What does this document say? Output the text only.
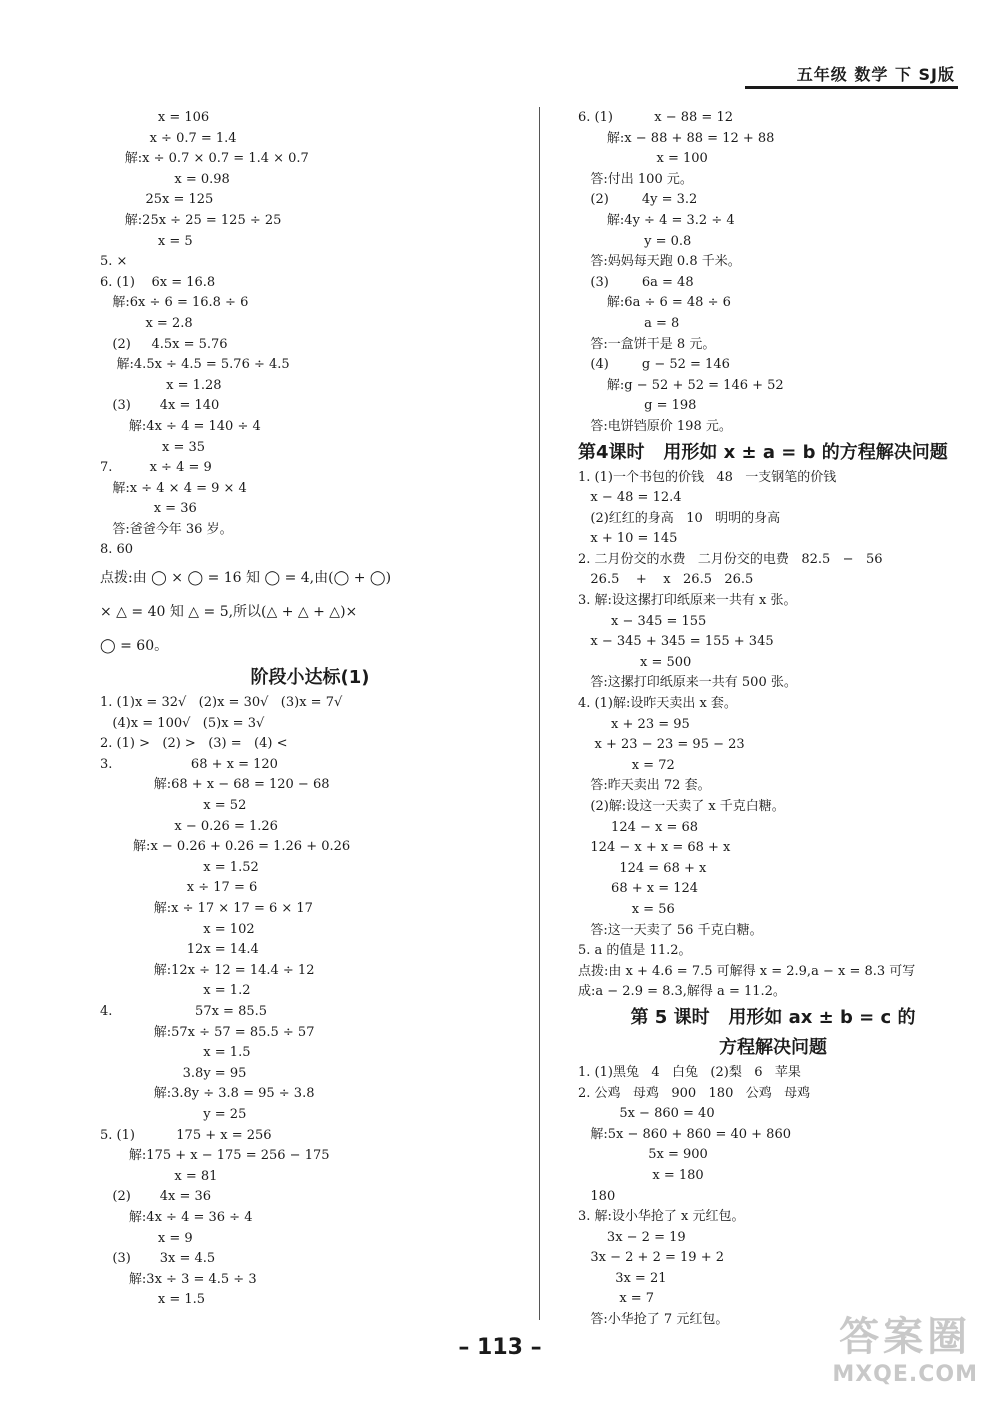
五年级 数学 下 SJ版
x = 106
x ÷ 0.7 = 1.4
解:x ÷ 0.7 × 0.7 = 1.4 × 0.7
x = 0.98
25x = 125
解:25x ÷ 25 = 125 ÷ 25
x = 5
5. ×
6. (1)    6x = 16.8
解:6x ÷ 6 = 16.8 ÷ 6
x = 2.8
(2)     4.5x = 5.76
解:4.5x ÷ 4.5 = 5.76 ÷ 4.5
x = 1.28
(3)       4x = 140
解:4x ÷ 4 = 140 ÷ 4
x = 35
7.         x ÷ 4 = 9
解:x ÷ 4 × 4 = 9 × 4
x = 36
答:爸爸今年 36 岁。
8. 60
点拨:由 ◯ × ◯ = 16 知 ◯ = 4,由(◯ + ◯)
× △ = 40 知 △ = 5,所以(△ + △ + △)×
◯ = 60。
阶段小达标(1)
1. (1)x = 32√   (2)x = 30√   (3)x = 7√
(4)x = 100√   (5)x = 3√
2. (1) >   (2) >   (3) =   (4) <
3.                   68 + x = 120
解:68 + x − 68 = 120 − 68
x = 52
x − 0.26 = 1.26
解:x − 0.26 + 0.26 = 1.26 + 0.26
x = 1.52
x ÷ 17 = 6
解:x ÷ 17 × 17 = 6 × 17
x = 102
12x = 14.4
解:12x ÷ 12 = 14.4 ÷ 12
x = 1.2
4.                    57x = 85.5
解:57x ÷ 57 = 85.5 ÷ 57
x = 1.5
3.8y = 95
解:3.8y ÷ 3.8 = 95 ÷ 3.8
y = 25
5. (1)          175 + x = 256
解:175 + x − 175 = 256 − 175
x = 81
(2)       4x = 36
解:4x ÷ 4 = 36 ÷ 4
x = 9
(3)       3x = 4.5
解:3x ÷ 3 = 4.5 ÷ 3
x = 1.5
6. (1)          x − 88 = 12
解:x − 88 + 88 = 12 + 88
x = 100
答:付出 100 元。
(2)        4y = 3.2
解:4y ÷ 4 = 3.2 ÷ 4
y = 0.8
答:妈妈每天跑 0.8 千米。
(3)        6a = 48
解:6a ÷ 6 = 48 ÷ 6
a = 8
答:一盒饼干是 8 元。
(4)        g − 52 = 146
解:g − 52 + 52 = 146 + 52
g = 198
答:电饼铛原价 198 元。
第4课时   用形如 x ± a = b 的方程解决问题
1. (1)一个书包的价钱   48   一支钢笔的价钱
x − 48 = 12.4
(2)红红的身高   10   明明的身高
x + 10 = 145
2. 二月份交的水费   二月份交的电费   82.5   −   56
26.5    +    x   26.5   26.5
3. 解:设这摞打印纸原来一共有 x 张。
x − 345 = 155
x − 345 + 345 = 155 + 345
x = 500
答:这摞打印纸原来一共有 500 张。
4. (1)解:设昨天卖出 x 套。
x + 23 = 95
x + 23 − 23 = 95 − 23
x = 72
答:昨天卖出 72 套。
(2)解:设这一天卖了 x 千克白糖。
124 − x = 68
124 − x + x = 68 + x
124 = 68 + x
68 + x = 124
x = 56
答:这一天卖了 56 千克白糖。
5. a 的值是 11.2。
点拨:由 x + 4.6 = 7.5 可解得 x = 2.9,a − x = 8.3 可写
成:a − 2.9 = 8.3,解得 a = 11.2。
第 5 课时   用形如 ax ± b = c 的
方程解决问题
1. (1)黑兔   4   白兔   (2)梨   6   苹果
2. 公鸡   母鸡   900   180   公鸡   母鸡
5x − 860 = 40
解:5x − 860 + 860 = 40 + 860
5x = 900
x = 180
180
3. 解:设小华抢了 x 元红包。
3x − 2 = 19
3x − 2 + 2 = 19 + 2
3x = 21
x = 7
答:小华抢了 7 元红包。
– 113 –	答案圈
MXQE.COM
